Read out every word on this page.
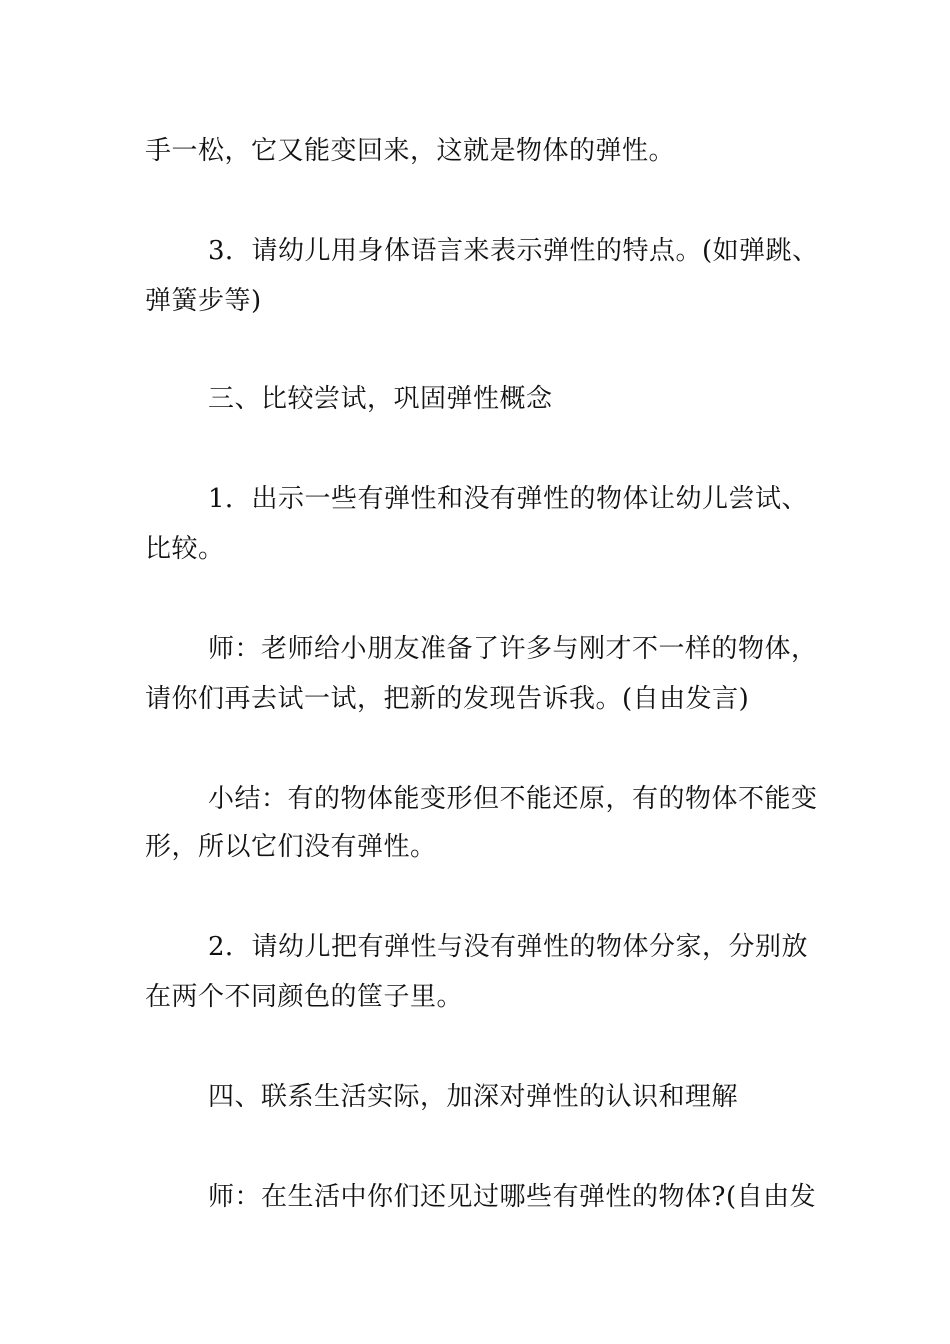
手一松，它又能变回来，这就是物体的弹性。

3．请幼儿用身体语言来表示弹性的特点。(如弹跳、

弹簧步等)

三、比较尝试，巩固弹性概念

1．出示一些有弹性和没有弹性的物体让幼儿尝试、

比较。

师：老师给小朋友准备了许多与刚才不一样的物体，

请你们再去试一试，把新的发现告诉我。(自由发言)

小结：有的物体能变形但不能还原，有的物体不能变

形，所以它们没有弹性。

2．请幼儿把有弹性与没有弹性的物体分家，分别放

在两个不同颜色的筐子里。

四、联系生活实际，加深对弹性的认识和理解

师：在生活中你们还见过哪些有弹性的物体?(自由发
